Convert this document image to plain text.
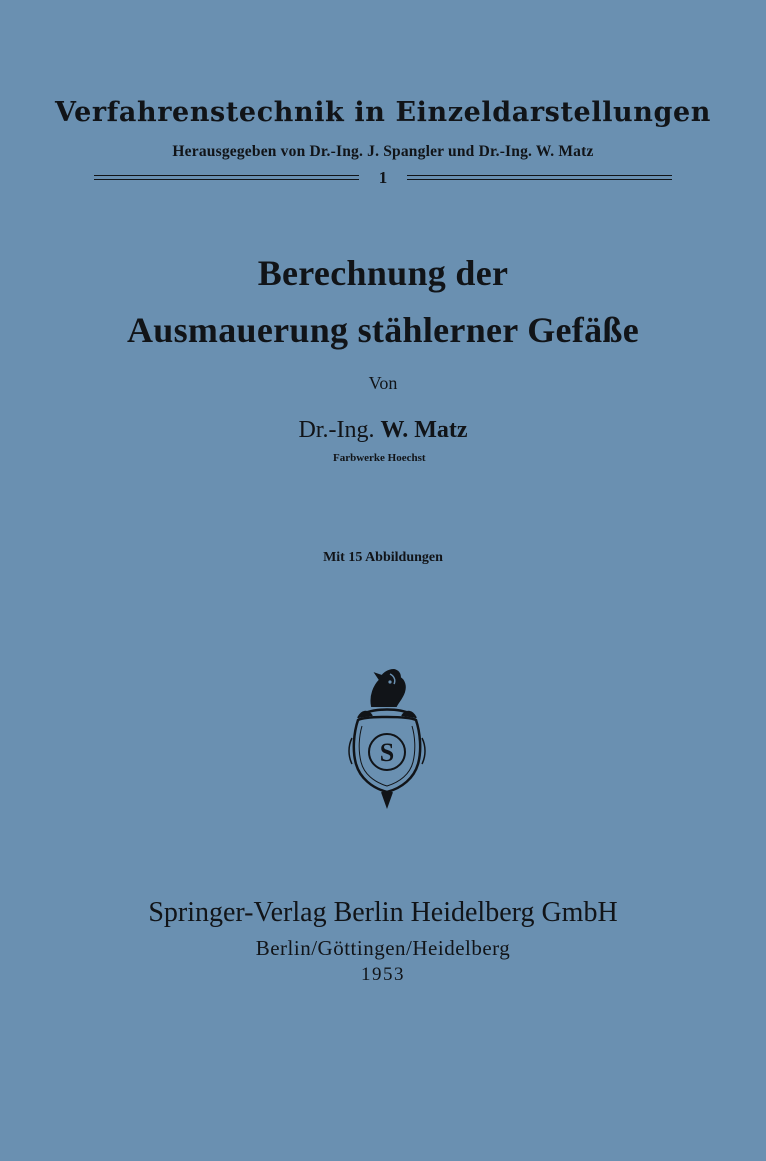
Verfahrenstechnik in Einzeldarstellungen
Herausgegeben von Dr.-Ing. J. Spangler und Dr.-Ing. W. Matz
1
Berechnung der
Ausmauerung stählerner Gefäße
Von
Dr.-Ing. W. Matz
Farbwerke Hoechst
Mit 15 Abbildungen
S
Springer-Verlag Berlin Heidelberg GmbH
Berlin/Göttingen/Heidelberg
1953
